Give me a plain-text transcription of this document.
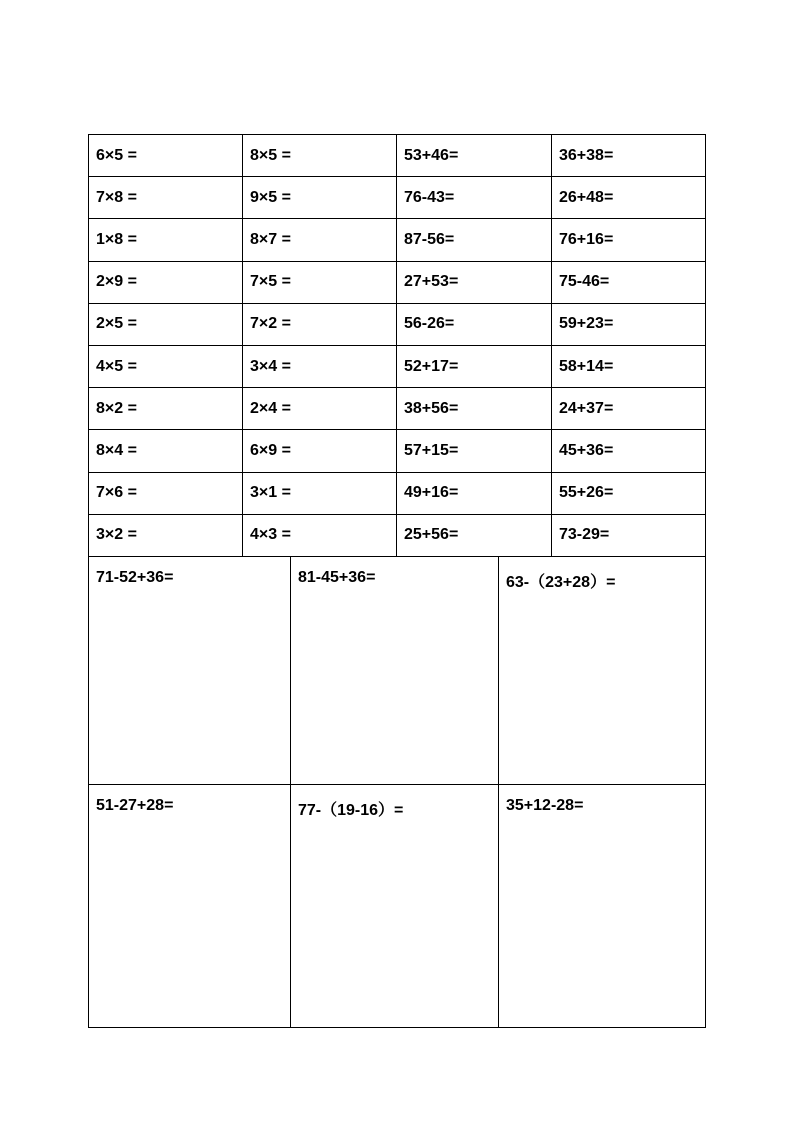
6×5 =	8×5 =	53+46=	36+38=
7×8 =	9×5 =	76-43=	26+48=
1×8 =	8×7 =	87-56=	76+16=
2×9 =	7×5 =	27+53=	75-46=
2×5 =	7×2 =	56-26=	59+23=
4×5 =	3×4 =	52+17=	58+14=
8×2 =	2×4 =	38+56=	24+37=
8×4 =	6×9 =	57+15=	45+36=
7×6 =	3×1 =	49+16=	55+26=
3×2 =	4×3 =	25+56=	73-29=
71-52+36=	81-45+36=	63-（23+28）=
51-27+28=	77-（19-16）=	35+12-28=
